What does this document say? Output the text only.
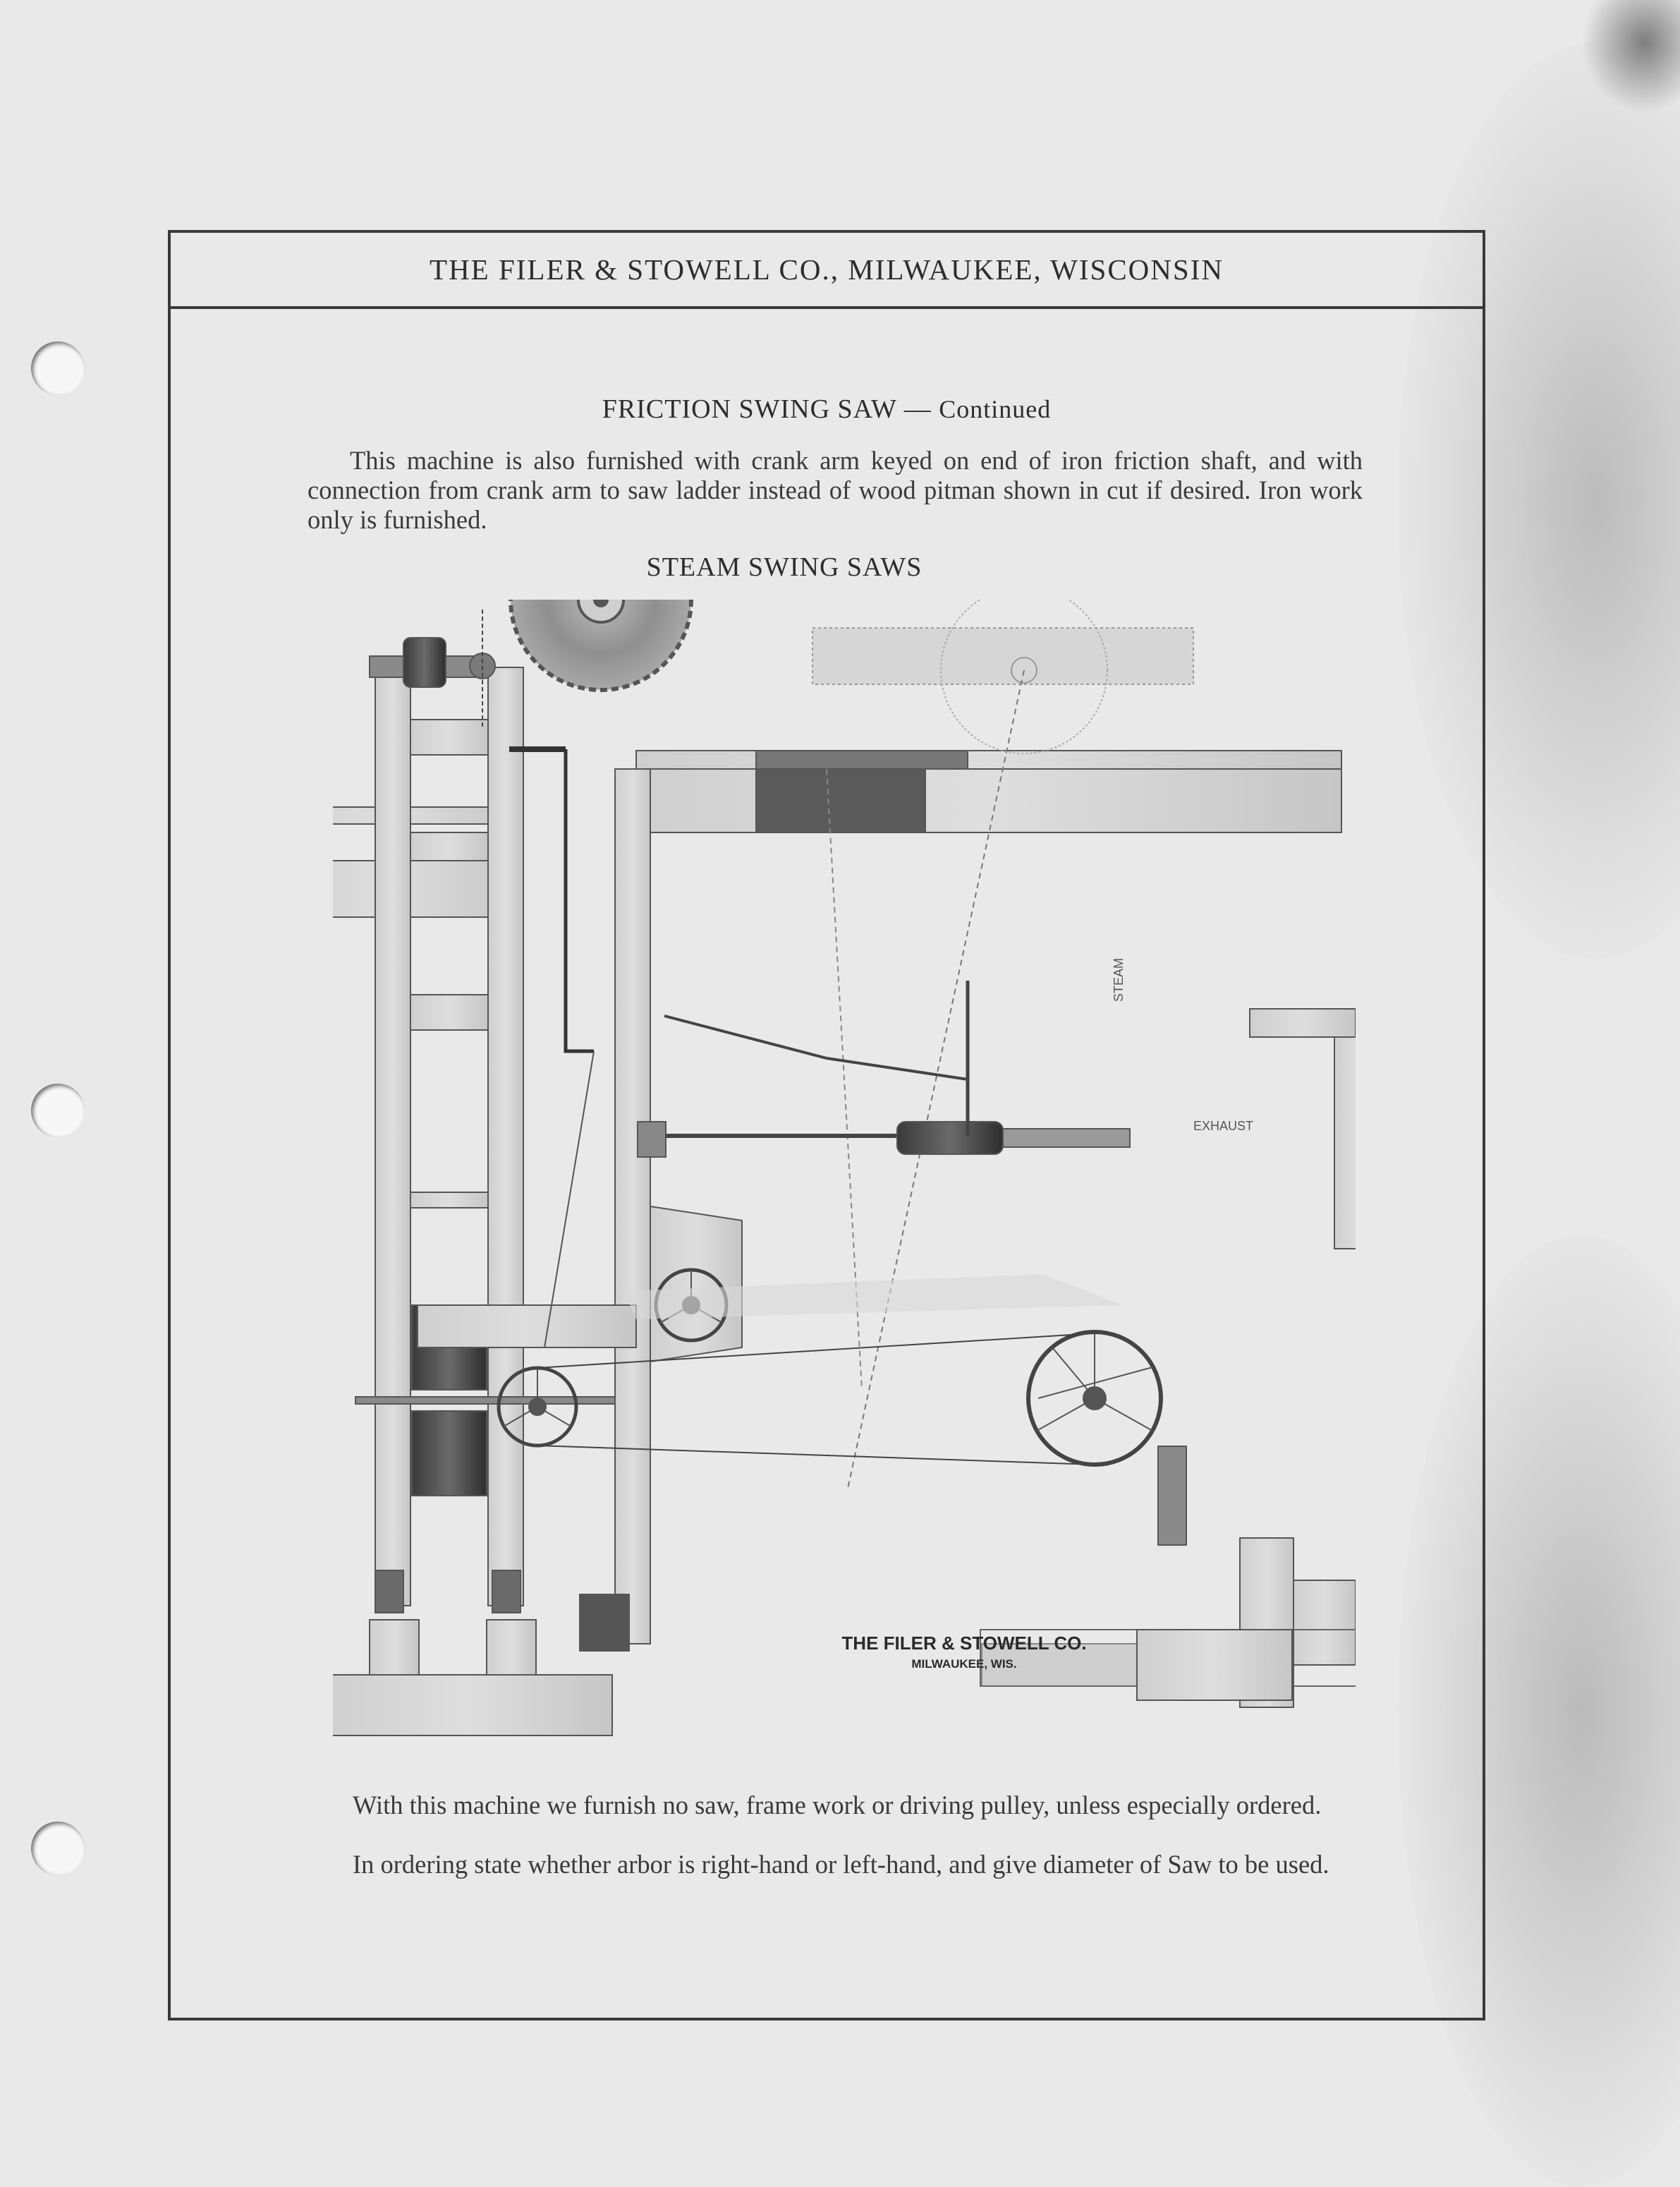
THE FILER & STOWELL CO., MILWAUKEE, WISCONSIN
FRICTION SWING SAW — Continued
This machine is also furnished with crank arm keyed on end of iron friction shaft, and with connection from crank arm to saw ladder instead of wood pitman shown in cut if desired. Iron work only is furnished.
STEAM SWING SAWS
STEAM
EXHAUST
THE FILER & STOWELL CO.
MILWAUKEE, WIS.
With this machine we furnish no saw, frame work or driving pulley, unless especially ordered.
In ordering state whether arbor is right-hand or left-hand, and give diameter of Saw to be used.
